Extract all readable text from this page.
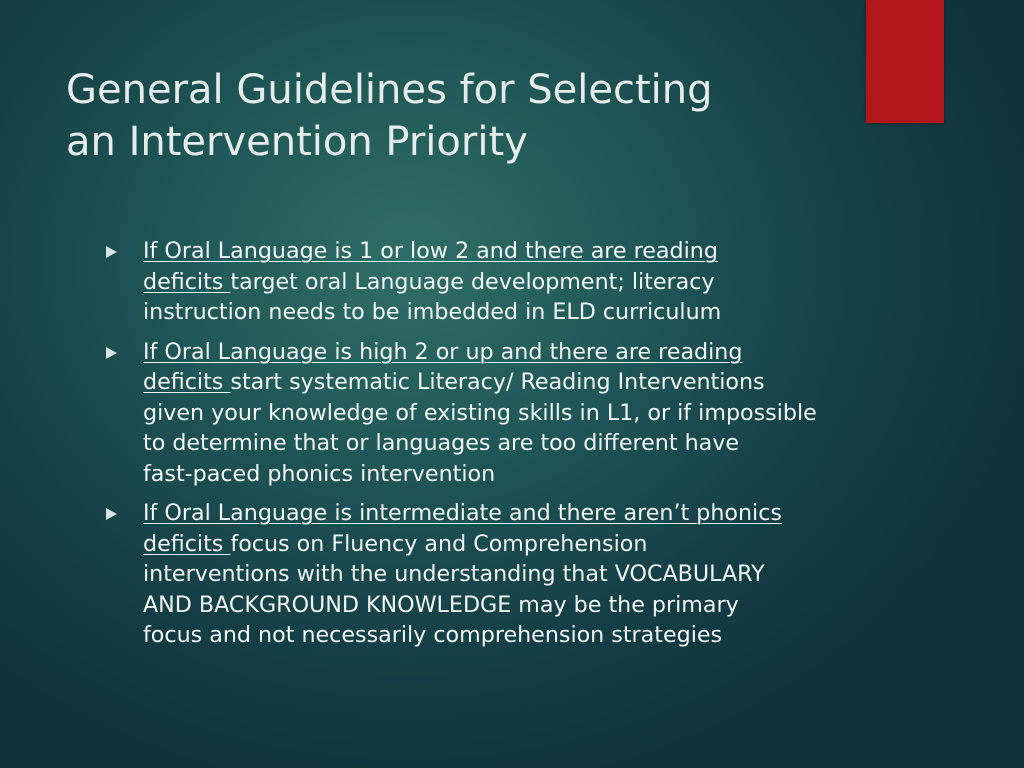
General Guidelines for Selecting
an Intervention Priority
If Oral Language is 1 or low 2 and there are reading
deficits target oral Language development; literacy
instruction needs to be imbedded in ELD curriculum
If Oral Language is high 2 or up and there are reading
deficits start systematic Literacy/ Reading Interventions
given your knowledge of existing skills in L1, or if impossible
to determine that or languages are too different have
fast-paced phonics intervention
If Oral Language is intermediate and there aren’t phonics
deficits focus on Fluency and Comprehension
interventions with the understanding that VOCABULARY
AND BACKGROUND KNOWLEDGE may be the primary
focus and not necessarily comprehension strategies
